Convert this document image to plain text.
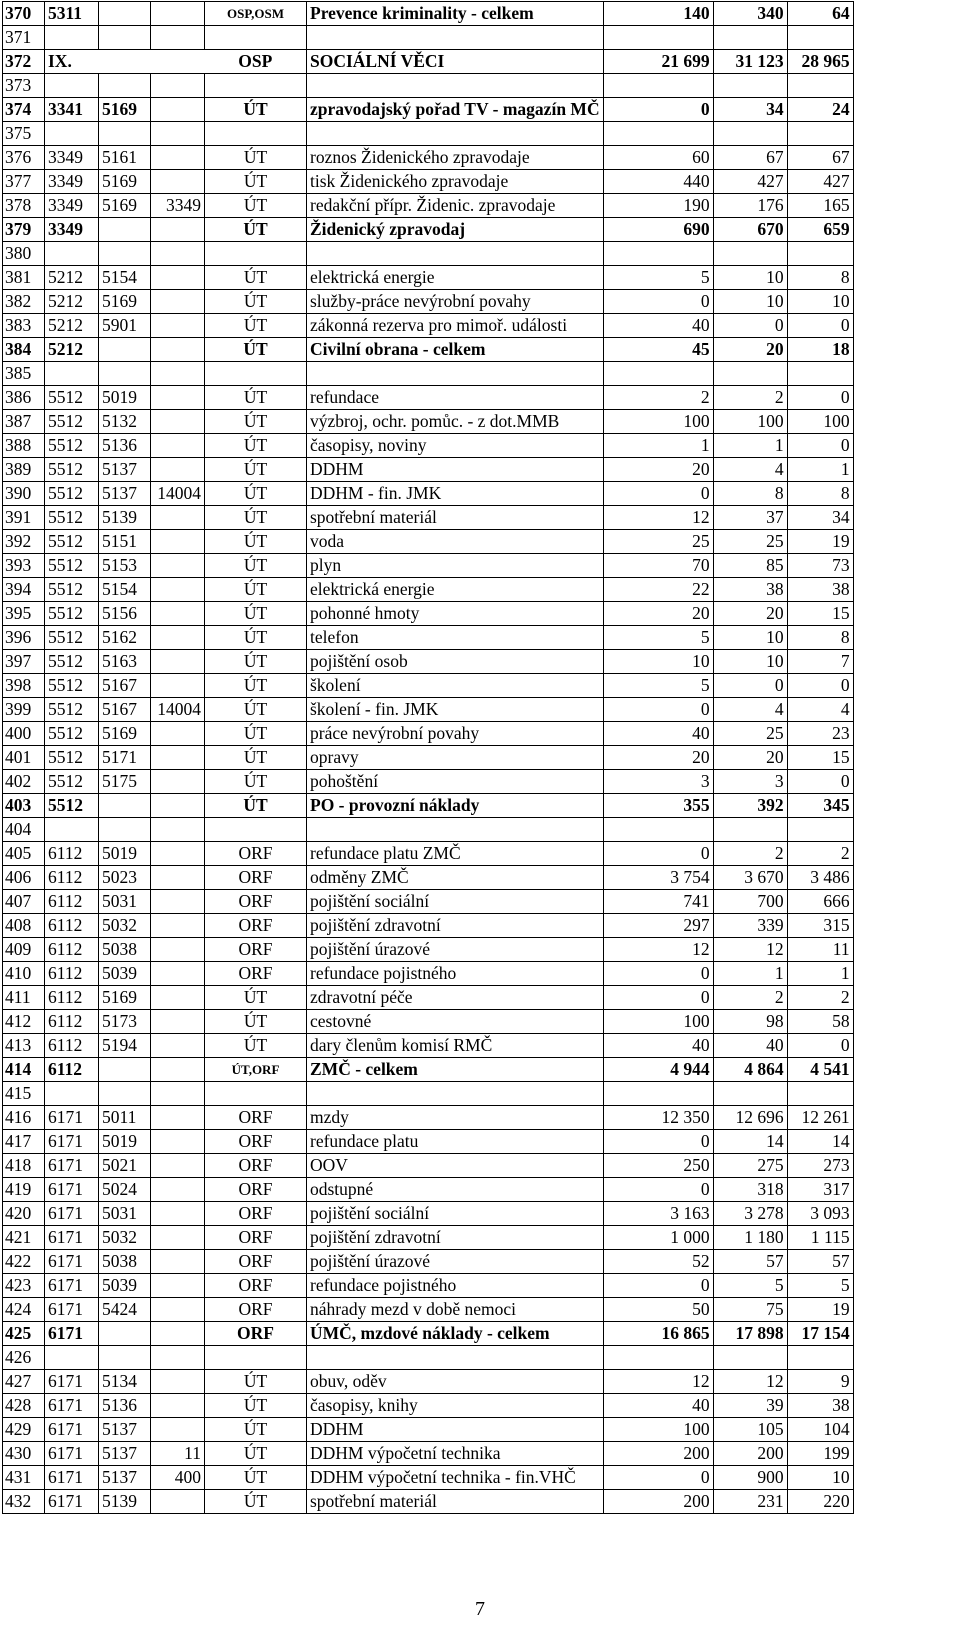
370	5311			OSP,OSM	Prevence kriminality - celkem	140	340	64
371								
372	IX.			OSP	SOCIÁLNÍ VĚCI	21 699	31 123	28 965
373								
374	3341	5169		ÚT	zpravodajský pořad TV - magazín MČ	0	34	24
375								
376	3349	5161		ÚT	roznos Židenického zpravodaje	60	67	67
377	3349	5169		ÚT	tisk Židenického zpravodaje	440	427	427
378	3349	5169	3349	ÚT	redakční přípr. Židenic. zpravodaje	190	176	165
379	3349			ÚT	Židenický zpravodaj	690	670	659
380								
381	5212	5154		ÚT	elektrická energie	5	10	8
382	5212	5169		ÚT	služby-práce nevýrobní povahy	0	10	10
383	5212	5901		ÚT	zákonná rezerva pro mimoř. události	40	0	0
384	5212			ÚT	Civilní obrana - celkem	45	20	18
385								
386	5512	5019		ÚT	refundace	2	2	0
387	5512	5132		ÚT	výzbroj, ochr. pomůc. - z dot.MMB	100	100	100
388	5512	5136		ÚT	časopisy, noviny	1	1	0
389	5512	5137		ÚT	DDHM	20	4	1
390	5512	5137	14004	ÚT	DDHM - fin. JMK	0	8	8
391	5512	5139		ÚT	spotřební materiál	12	37	34
392	5512	5151		ÚT	voda	25	25	19
393	5512	5153		ÚT	plyn	70	85	73
394	5512	5154		ÚT	elektrická energie	22	38	38
395	5512	5156		ÚT	pohonné hmoty	20	20	15
396	5512	5162		ÚT	telefon	5	10	8
397	5512	5163		ÚT	pojištění osob	10	10	7
398	5512	5167		ÚT	školení	5	0	0
399	5512	5167	14004	ÚT	školení - fin. JMK	0	4	4
400	5512	5169		ÚT	práce nevýrobní povahy	40	25	23
401	5512	5171		ÚT	opravy	20	20	15
402	5512	5175		ÚT	pohoštění	3	3	0
403	5512			ÚT	PO - provozní náklady	355	392	345
404								
405	6112	5019		ORF	refundace platu ZMČ	0	2	2
406	6112	5023		ORF	odměny ZMČ	3 754	3 670	3 486
407	6112	5031		ORF	pojištění sociální	741	700	666
408	6112	5032		ORF	pojištění zdravotní	297	339	315
409	6112	5038		ORF	pojištění úrazové	12	12	11
410	6112	5039		ORF	refundace pojistného	0	1	1
411	6112	5169		ÚT	zdravotní péče	0	2	2
412	6112	5173		ÚT	cestovné	100	98	58
413	6112	5194		ÚT	dary členům komisí RMČ	40	40	0
414	6112			ÚT,ORF	ZMČ - celkem	4 944	4 864	4 541
415								
416	6171	5011		ORF	mzdy	12 350	12 696	12 261
417	6171	5019		ORF	refundace platu	0	14	14
418	6171	5021		ORF	OOV	250	275	273
419	6171	5024		ORF	odstupné	0	318	317
420	6171	5031		ORF	pojištění sociální	3 163	3 278	3 093
421	6171	5032		ORF	pojištění zdravotní	1 000	1 180	1 115
422	6171	5038		ORF	pojištění úrazové	52	57	57
423	6171	5039		ORF	refundace pojistného	0	5	5
424	6171	5424		ORF	náhrady mezd v době nemoci	50	75	19
425	6171			ORF	ÚMČ, mzdové náklady - celkem	16 865	17 898	17 154
426								
427	6171	5134		ÚT	obuv, oděv	12	12	9
428	6171	5136		ÚT	časopisy, knihy	40	39	38
429	6171	5137		ÚT	DDHM	100	105	104
430	6171	5137	11	ÚT	DDHM výpočetní technika	200	200	199
431	6171	5137	400	ÚT	DDHM výpočetní technika - fin.VHČ	0	900	10
432	6171	5139		ÚT	spotřební materiál	200	231	220
7
